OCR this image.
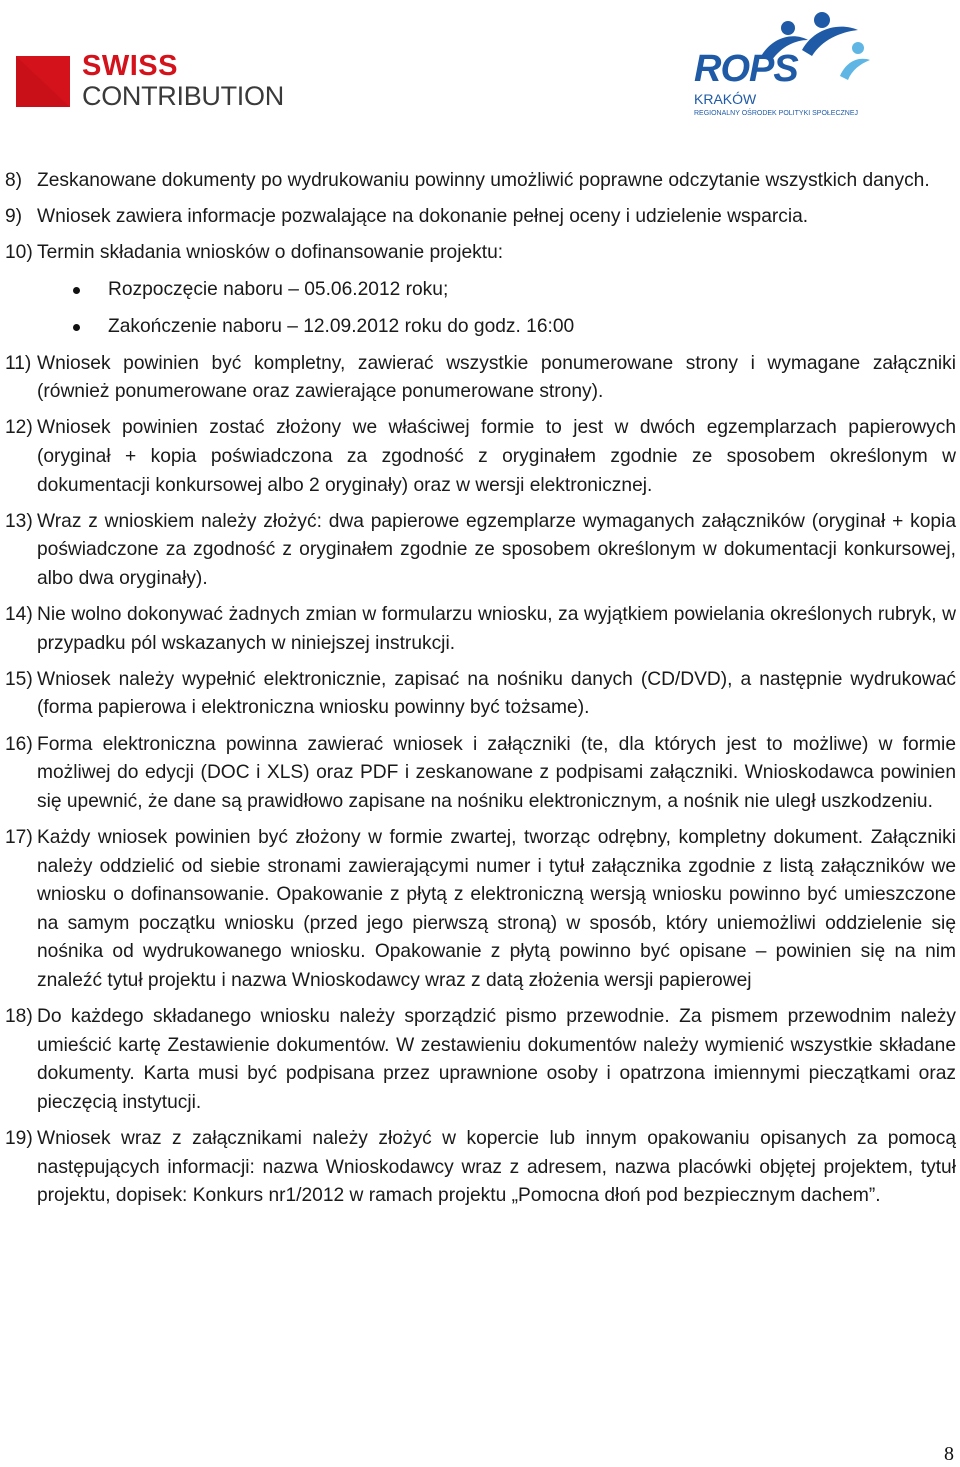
SWISS
CONTRIBUTION
ROPS
KRAKÓW
REGIONALNY OŚRODEK POLITYKI SPOŁECZNEJ
8) Zeskanowane dokumenty po wydrukowaniu powinny umożliwić poprawne odczytanie wszystkich danych.
9) Wniosek zawiera informacje pozwalające na dokonanie pełnej oceny i udzielenie wsparcia.
10) Termin składania wniosków o dofinansowanie projektu:
Rozpoczęcie naboru – 05.06.2012 roku;
Zakończenie naboru – 12.09.2012 roku do godz. 16:00
11) Wniosek powinien być kompletny, zawierać wszystkie ponumerowane strony i wymagane załączniki (również ponumerowane oraz zawierające ponumerowane strony).
12) Wniosek powinien zostać złożony we właściwej formie to jest w dwóch egzemplarzach papierowych (oryginał + kopia poświadczona za zgodność z oryginałem zgodnie ze sposobem określonym w dokumentacji konkursowej albo 2 oryginały) oraz w wersji elektronicznej.
13) Wraz z wnioskiem należy złożyć: dwa papierowe egzemplarze wymaganych załączników (oryginał + kopia poświadczone za zgodność z oryginałem zgodnie ze sposobem określonym w dokumentacji konkursowej, albo dwa oryginały).
14) Nie wolno dokonywać żadnych zmian w formularzu wniosku, za wyjątkiem powielania określonych rubryk, w przypadku pól wskazanych w niniejszej instrukcji.
15) Wniosek należy wypełnić elektronicznie, zapisać na nośniku danych (CD/DVD), a następnie wydrukować (forma papierowa i elektroniczna wniosku powinny być tożsame).
16) Forma elektroniczna powinna zawierać wniosek i załączniki (te, dla których jest to możliwe) w formie możliwej do edycji (DOC i XLS) oraz PDF i zeskanowane z podpisami załączniki. Wnioskodawca powinien się upewnić, że dane są prawidłowo zapisane na nośniku elektronicznym, a nośnik nie uległ uszkodzeniu.
17) Każdy wniosek powinien być złożony w formie zwartej, tworząc odrębny, kompletny dokument. Załączniki należy oddzielić od siebie stronami zawierającymi numer i tytuł załącznika zgodnie z listą załączników we wniosku o dofinansowanie. Opakowanie z płytą z elektroniczną wersją wniosku powinno być umieszczone na samym początku wniosku (przed jego pierwszą stroną) w sposób, który uniemożliwi oddzielenie się nośnika od wydrukowanego wniosku. Opakowanie z płytą powinno być opisane – powinien się na nim znaleźć tytuł projektu i nazwa Wnioskodawcy wraz z datą złożenia wersji papierowej
18) Do każdego składanego wniosku należy sporządzić pismo przewodnie. Za pismem przewodnim należy umieścić kartę Zestawienie dokumentów. W zestawieniu dokumentów należy wymienić wszystkie składane dokumenty. Karta musi być podpisana przez uprawnione osoby i opatrzona imiennymi pieczątkami oraz pieczęcią instytucji.
19) Wniosek wraz z załącznikami należy złożyć w kopercie lub innym opakowaniu opisanych za pomocą następujących informacji: nazwa Wnioskodawcy wraz z adresem, nazwa placówki objętej projektem, tytuł projektu, dopisek: Konkurs nr1/2012 w ramach projektu „Pomocna dłoń pod bezpiecznym dachem”.
8
